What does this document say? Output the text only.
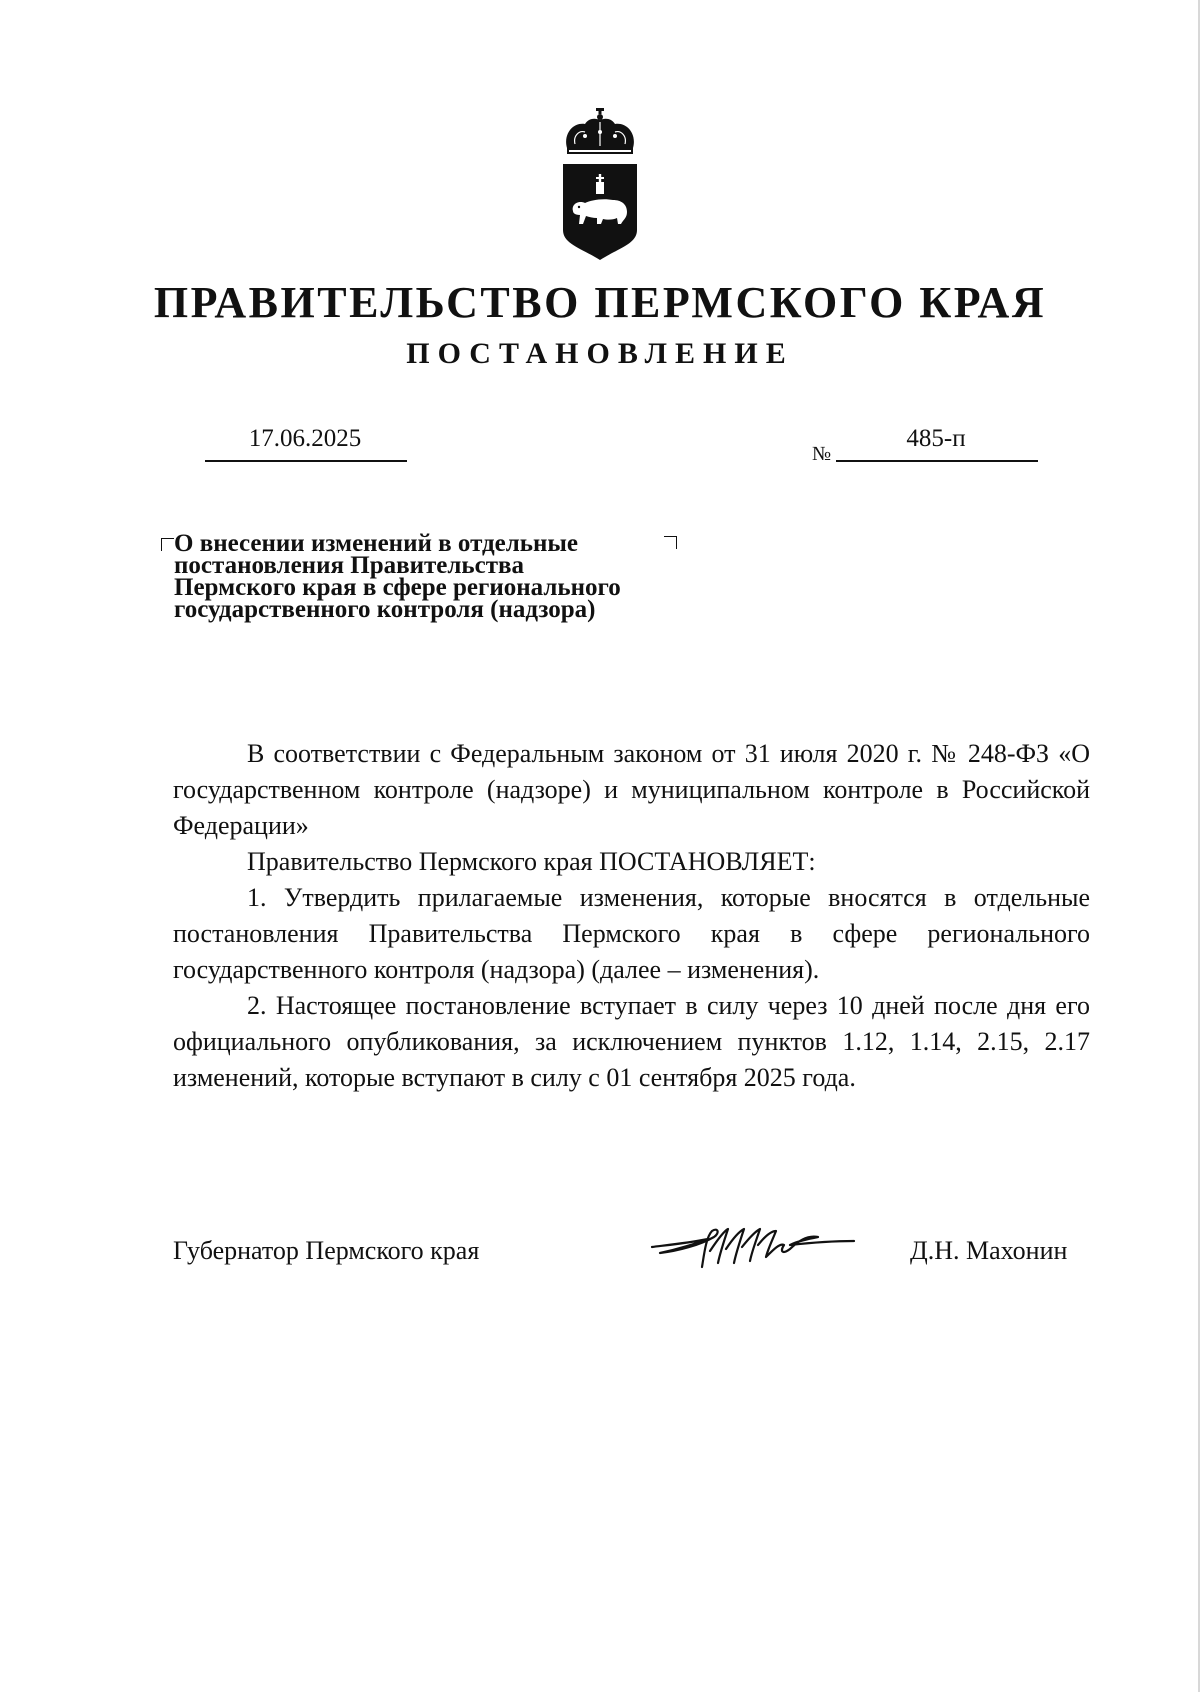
ПРАВИТЕЛЬСТВО ПЕРМСКОГО КРАЯ
ПОСТАНОВЛЕНИЕ
17.06.2025
№
485-п
О внесении изменений в отдельные
постановления Правительства
Пермского края в сфере регионального
государственного контроля (надзора)

В соответствии с Федеральным законом от 31 июля 2020 г. № 248-ФЗ «О государственном контроле (надзоре) и муниципальном контроле в Российской Федерации»

Правительство Пермского края ПОСТАНОВЛЯЕТ:

1. Утвердить прилагаемые изменения, которые вносятся в отдельные постановления Правительства Пермского края в сфере регионального государственного контроля (надзора) (далее – изменения).

2. Настоящее постановление вступает в силу через 10 дней после дня его официального опубликования, за исключением пунктов 1.12, 1.14, 2.15, 2.17 изменений, которые вступают в силу с 01 сентября 2025 года.

Губернатор Пермского края	Д.Н. Махонин
